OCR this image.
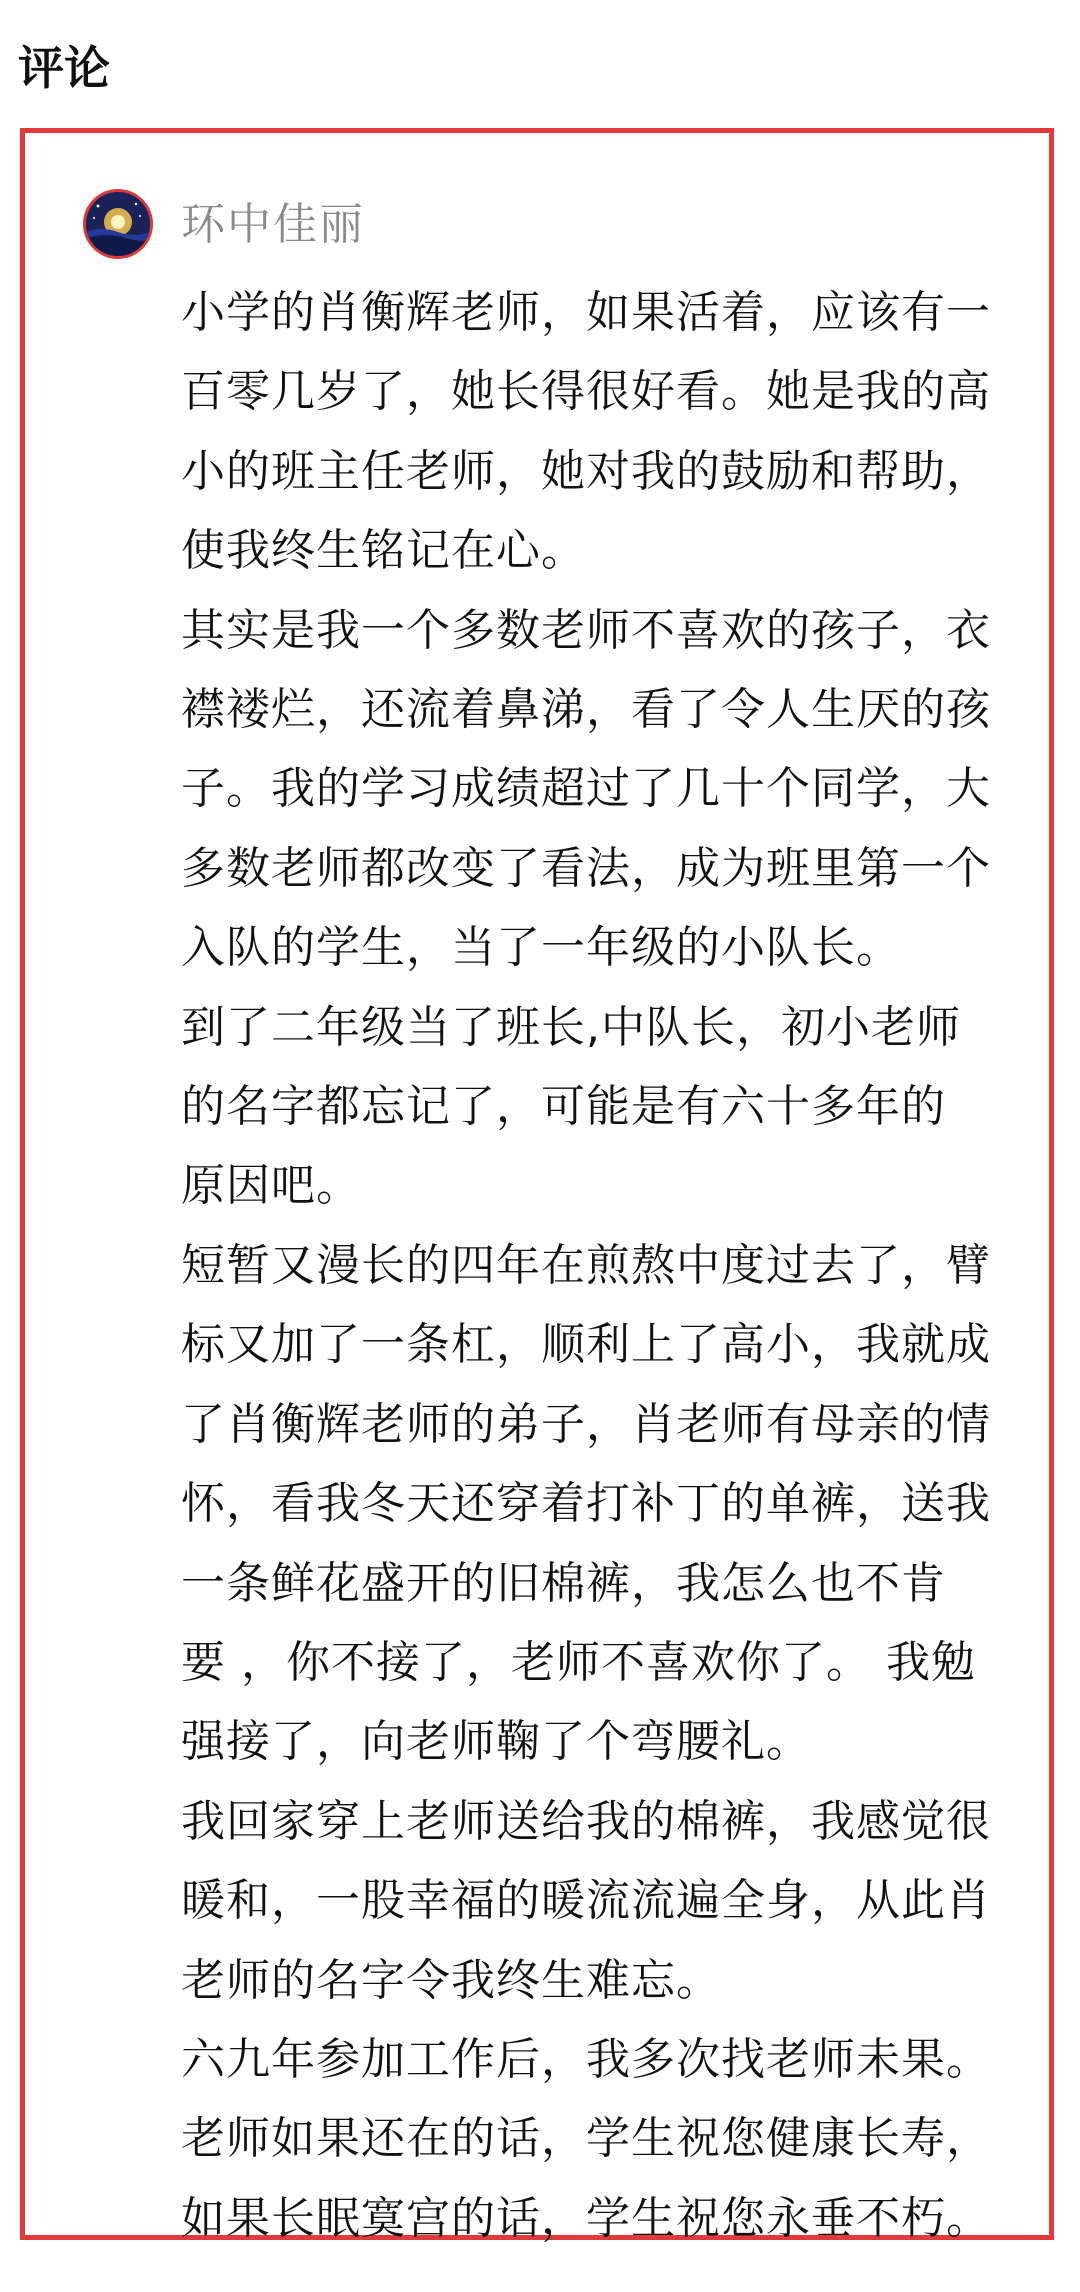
评论
环中佳丽

小学的肖衡辉老师，如果活着，应该有一
百零几岁了，她长得很好看。她是我的高
小的班主任老师，她对我的鼓励和帮助，
使我终生铭记在心。

其实是我一个多数老师不喜欢的孩子，衣
襟褛烂，还流着鼻涕，看了令人生厌的孩
子。我的学习成绩超过了几十个同学，大
多数老师都改变了看法，成为班里第一个
入队的学生，当了一年级的小队长。

到了二年级当了班长,中队长，初小老师
的名字都忘记了，可能是有六十多年的
原因吧。

短暂又漫长的四年在煎熬中度过去了，臂
标又加了一条杠，顺利上了高小，我就成
了肖衡辉老师的弟子，肖老师有母亲的情
怀，看我冬天还穿着打补丁的单裤，送我
一条鲜花盛开的旧棉裤，我怎么也不肯
要 ，你不接了，老师不喜欢你了。 我勉
强接了，向老师鞠了个弯腰礼。

我回家穿上老师送给我的棉裤，我感觉很
暖和，一股幸福的暖流流遍全身，从此肖
老师的名字令我终生难忘。

六九年参加工作后，我多次找老师未果。
老师如果还在的话，学生祝您健康长寿，
如果长眠寞宫的话，学生祝您永垂不朽。
